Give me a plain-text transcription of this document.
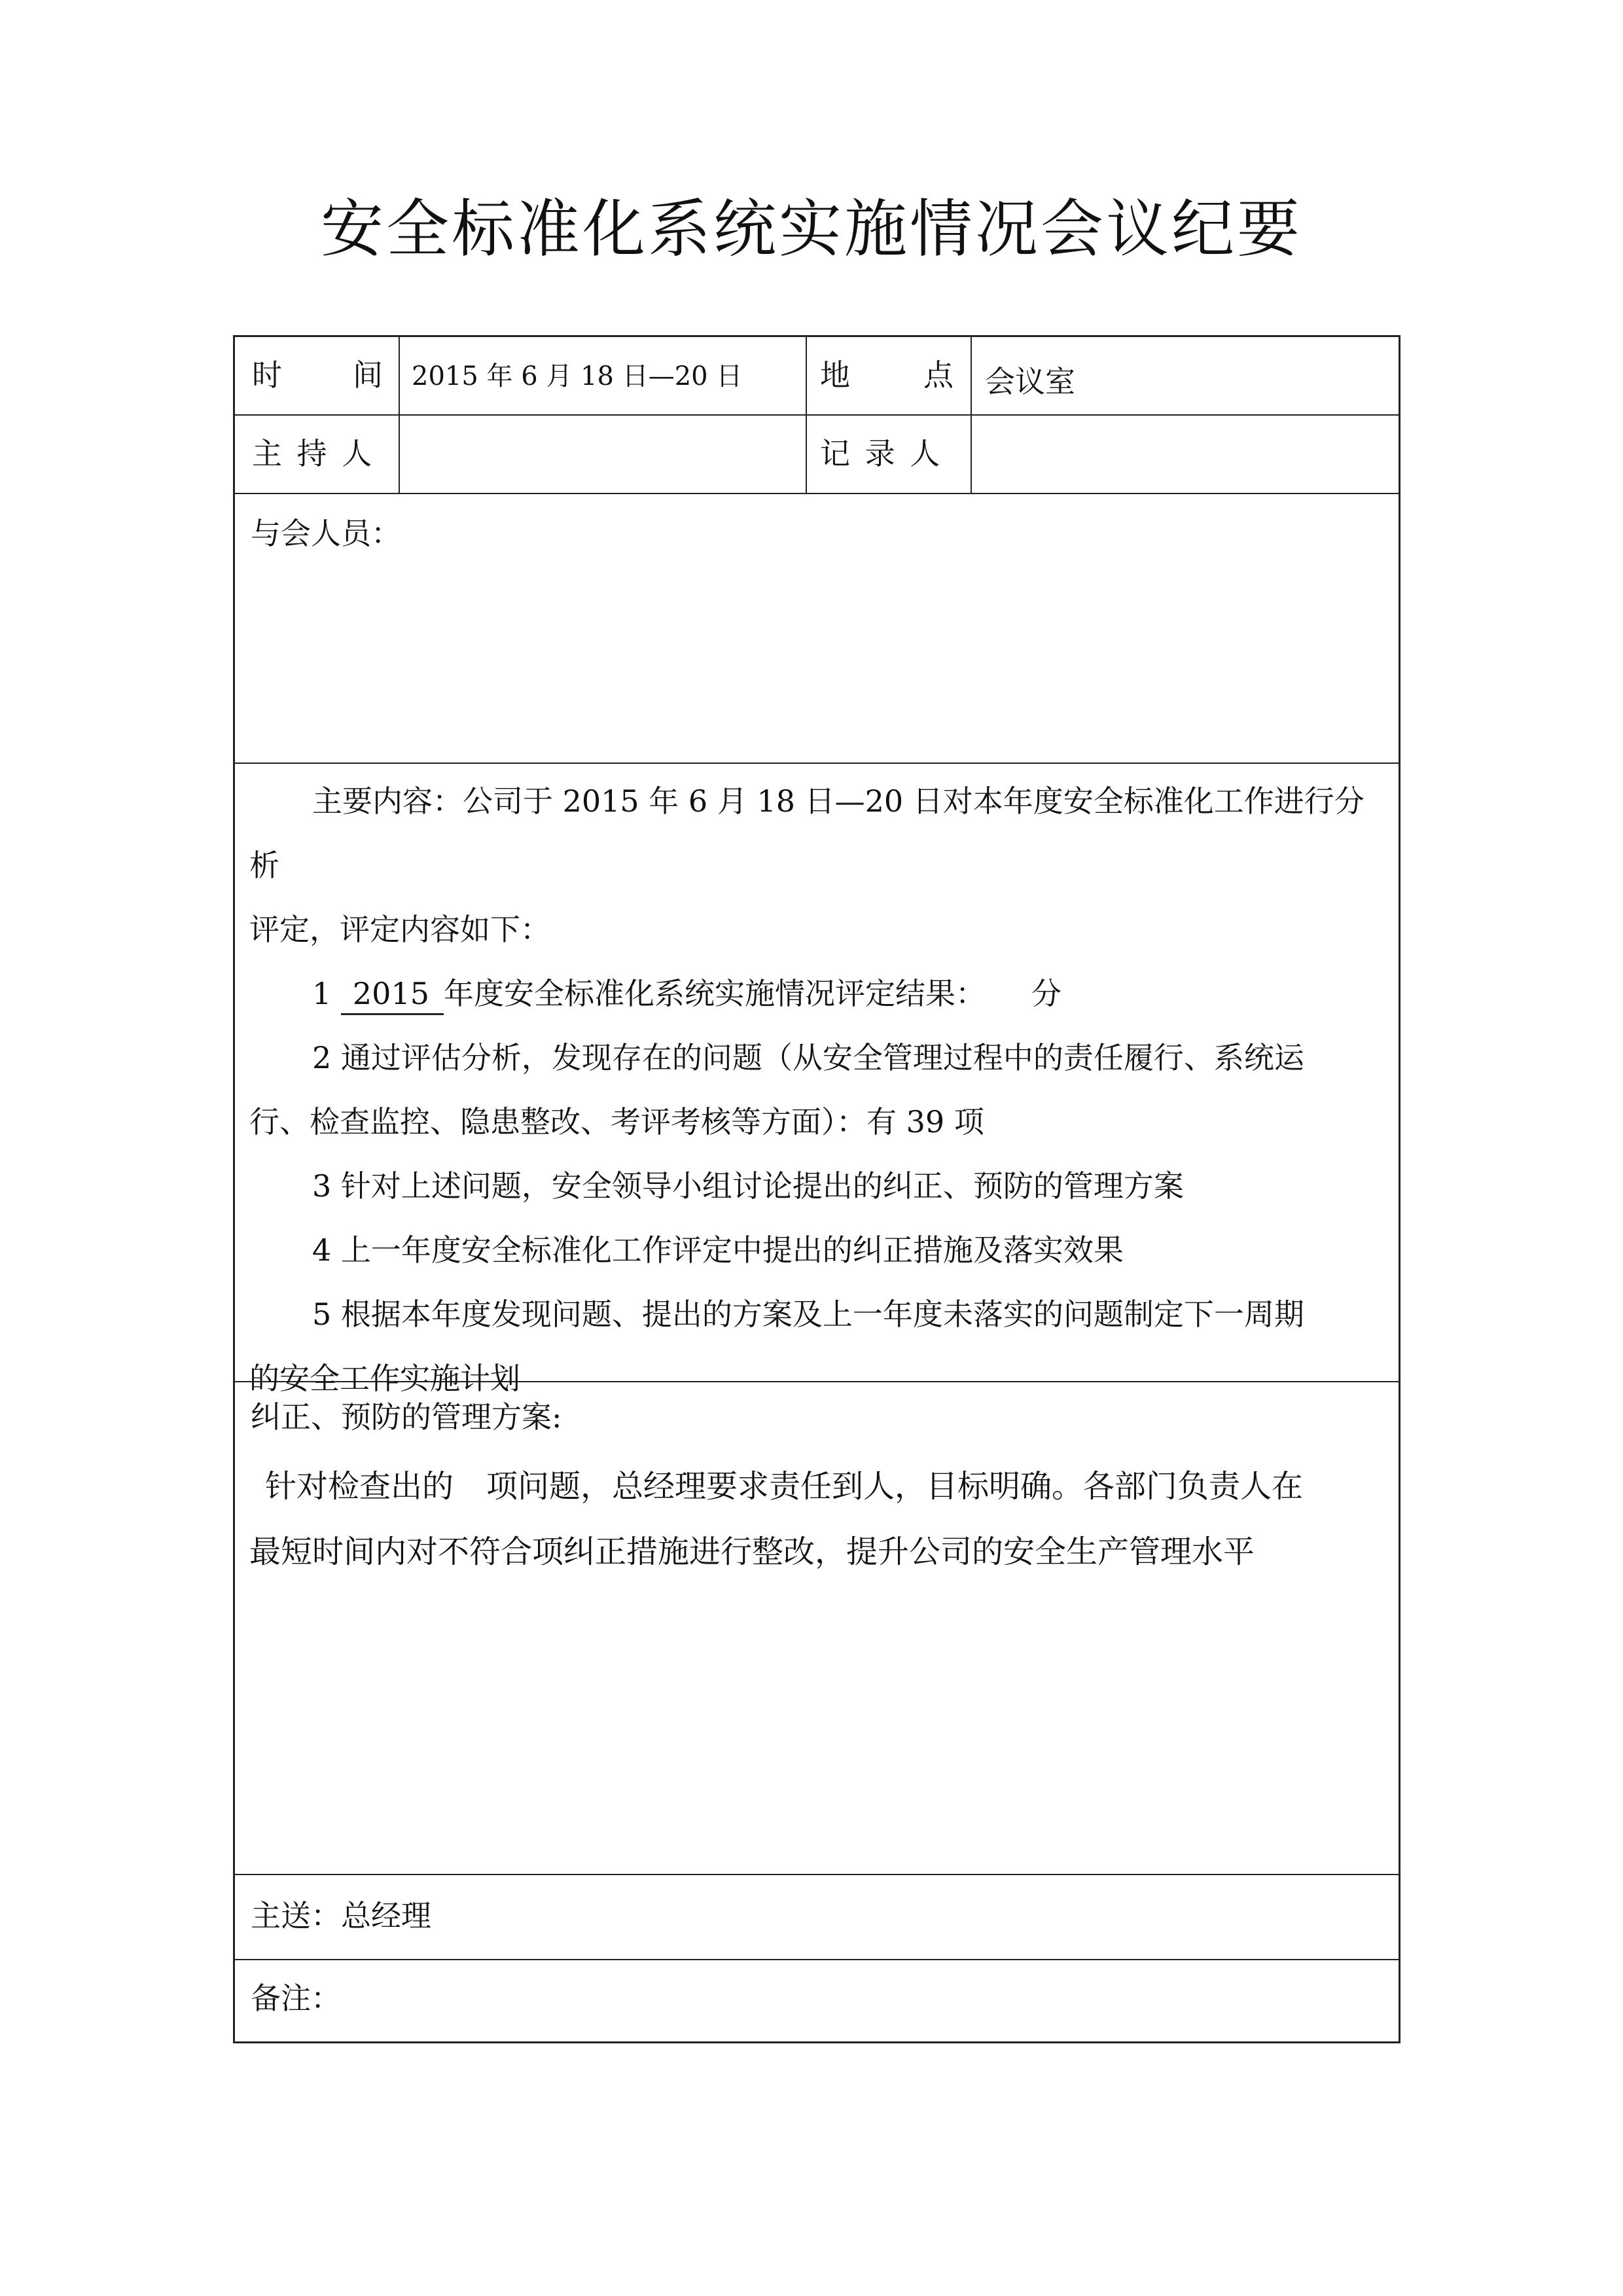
安全标准化系统实施情况会议纪要
时 间 2015 年 6 月 18 日—20 日	地 点 会议室
主 持 人	记 录 人
与会人员：
主要内容：公司于 2015 年 6 月 18 日—20 日对本年度安全标准化工作进行分析
评定，评定内容如下：
1 2015 年度安全标准化系统实施情况评定结果： 分
2 通过评估分析，发现存在的问题（从安全管理过程中的责任履行、系统运
行、检查监控、隐患整改、考评考核等方面）：有 39 项
3 针对上述问题，安全领导小组讨论提出的纠正、预防的管理方案
4 上一年度安全标准化工作评定中提出的纠正措施及落实效果
5 根据本年度发现问题、提出的方案及上一年度未落实的问题制定下一周期
的安全工作实施计划
纠正、预防的管理方案:
针对检查出的 项问题，总经理要求责任到人，目标明确。各部门负责人在
最短时间内对不符合项纠正措施进行整改，提升公司的安全生产管理水平
主送：总经理
备注：
